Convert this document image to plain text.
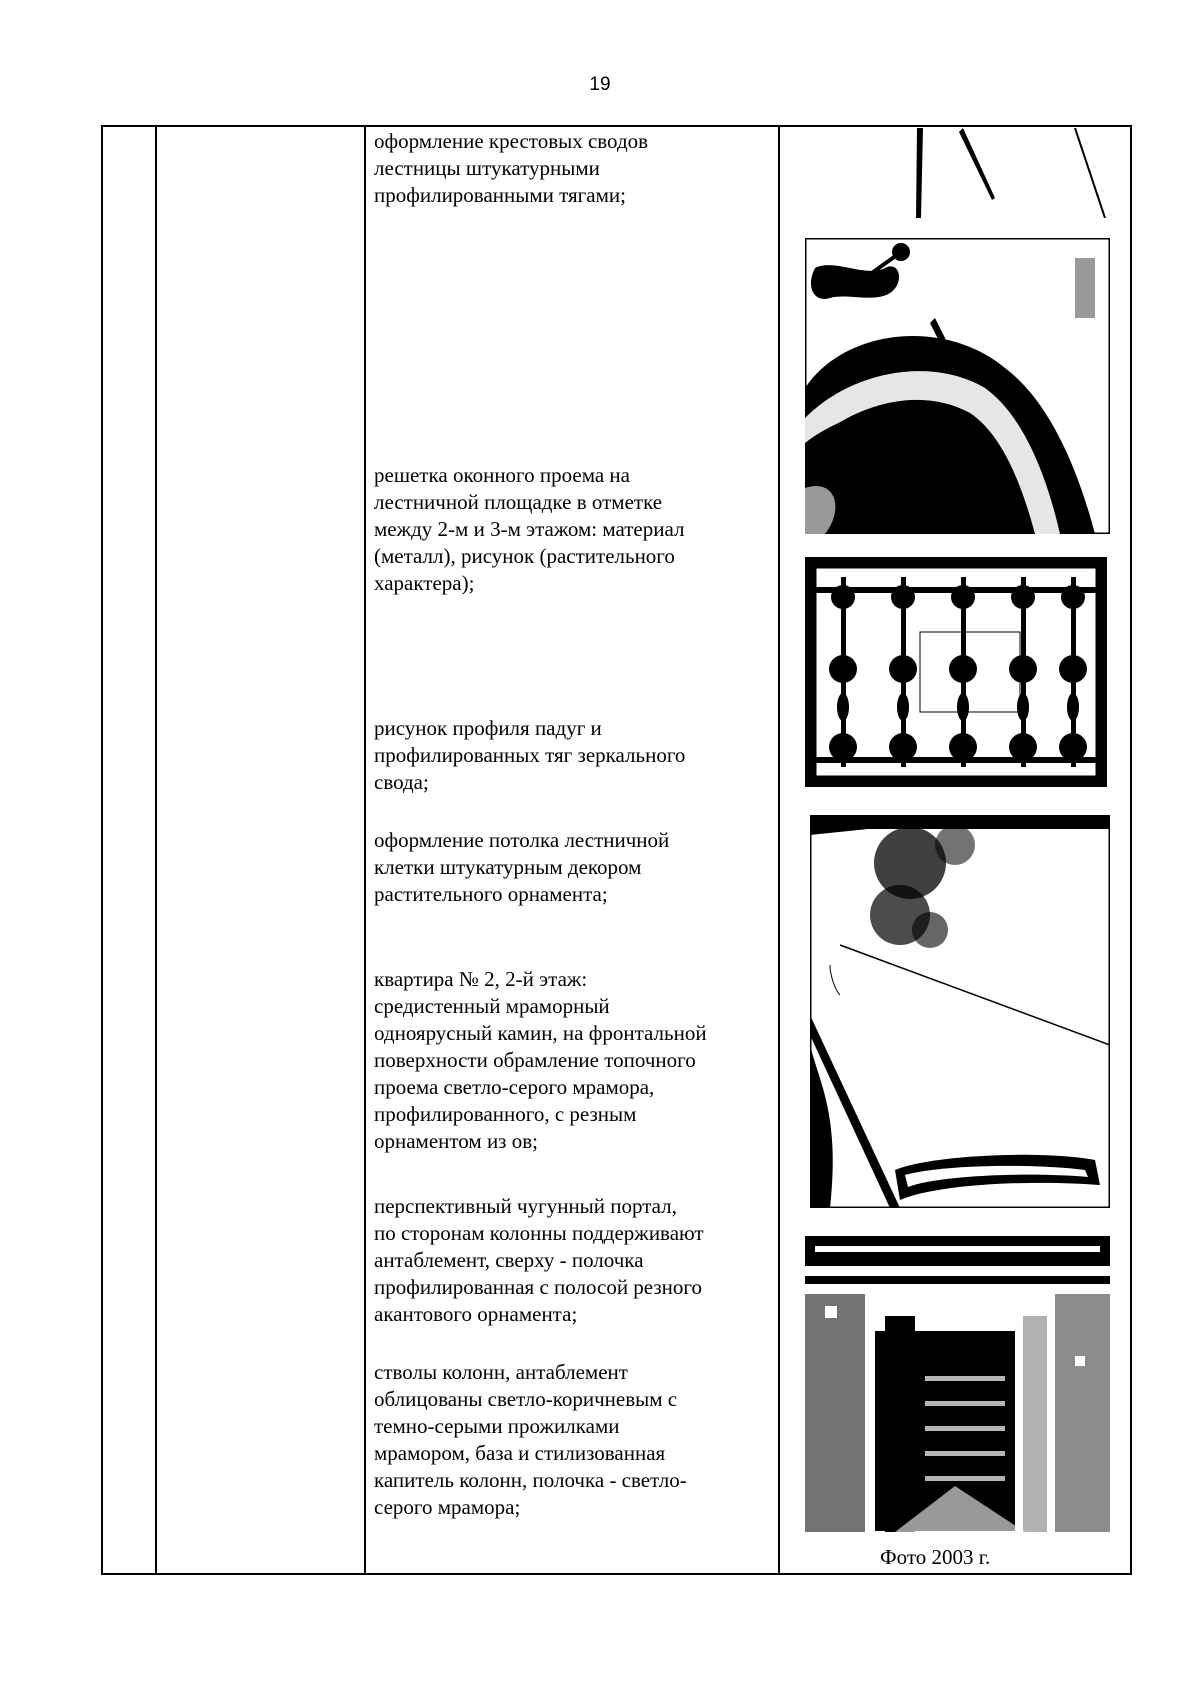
19
оформление крестовых сводов
лестницы штукатурными
профилированными тягами;
решетка оконного проема на
лестничной площадке в отметке
между 2-м и 3-м этажом: материал
(металл), рисунок (растительного
характера);
рисунок профиля падуг и
профилированных тяг зеркального
свода;
оформление потолка лестничной
клетки штукатурным декором
растительного орнамента;
квартира № 2, 2-й этаж:
средистенный мраморный
одноярусный камин, на фронтальной
поверхности обрамление топочного
проема светло-серого мрамора,
профилированного, с резным
орнаментом из ов;
перспективный чугунный портал,
по сторонам колонны поддерживают
антаблемент, сверху - полочка
профилированная с полосой резного
акантового орнамента;
стволы колонн, антаблемент
облицованы светло-коричневым с
темно-серыми прожилками
мрамором, база и стилизованная
капитель колонн, полочка - светло-
серого мрамора;
Фото 2003 г.
